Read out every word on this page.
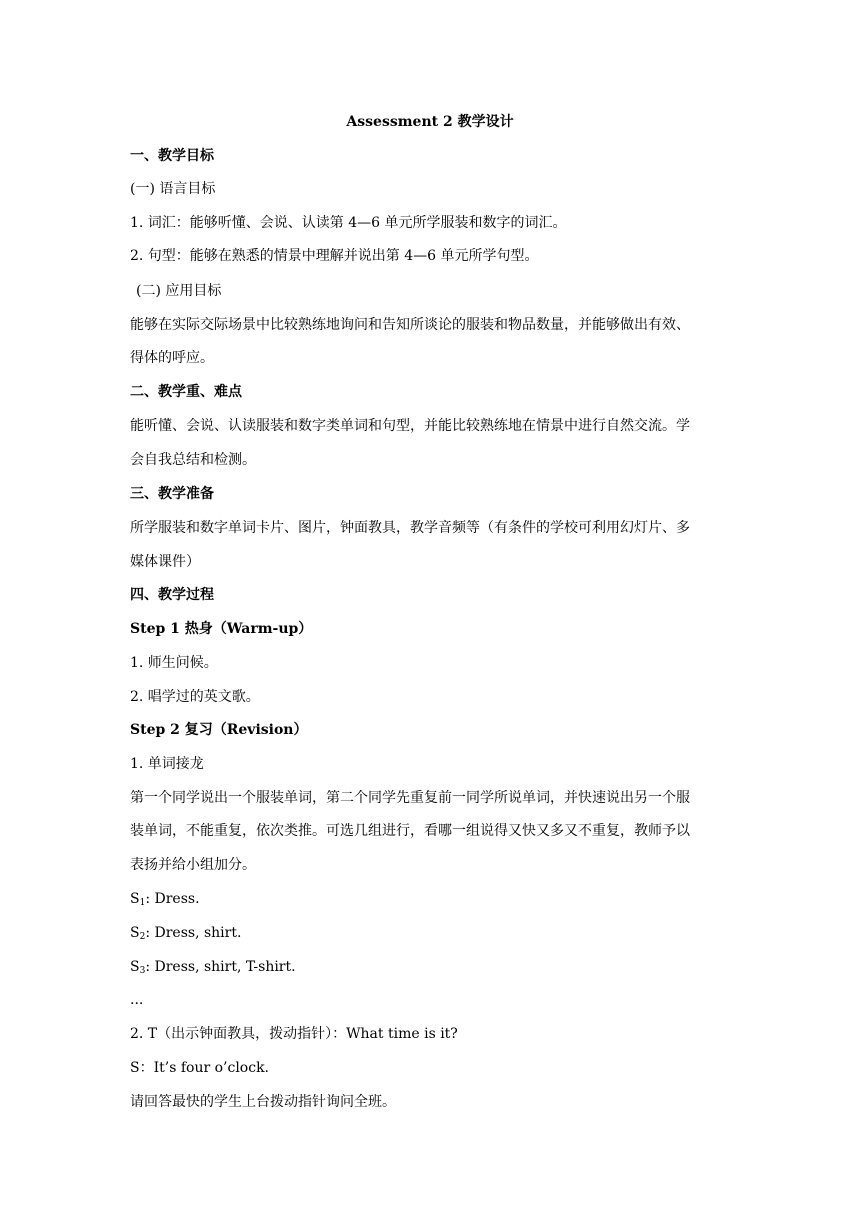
Assessment 2 教学设计
一、教学目标
(一) 语言目标
1. 词汇：能够听懂、会说、认读第 4—6 单元所学服装和数字的词汇。
2. 句型：能够在熟悉的情景中理解并说出第 4—6 单元所学句型。
(二) 应用目标
能够在实际交际场景中比较熟练地询问和告知所谈论的服装和物品数量，并能够做出有效、
得体的呼应。
二、教学重、难点
能听懂、会说、认读服装和数字类单词和句型，并能比较熟练地在情景中进行自然交流。学
会自我总结和检测。
三、教学准备
所学服装和数字单词卡片、图片，钟面教具，教学音频等（有条件的学校可利用幻灯片、多
媒体课件）
四、教学过程
Step 1 热身（Warm-up）
1. 师生问候。
2. 唱学过的英文歌。
Step 2 复习（Revision）
1. 单词接龙
第一个同学说出一个服装单词，第二个同学先重复前一同学所说单词，并快速说出另一个服
装单词，不能重复，依次类推。可选几组进行，看哪一组说得又快又多又不重复，教师予以
表扬并给小组加分。
$S_1$: Dress.
$S_2$: Dress, shirt.
$S_3$: Dress, shirt, T-shirt.
...
2. T（出示钟面教具，拨动指针）：What time is it?
S：It’s four o’clock.
请回答最快的学生上台拨动指针询问全班。
